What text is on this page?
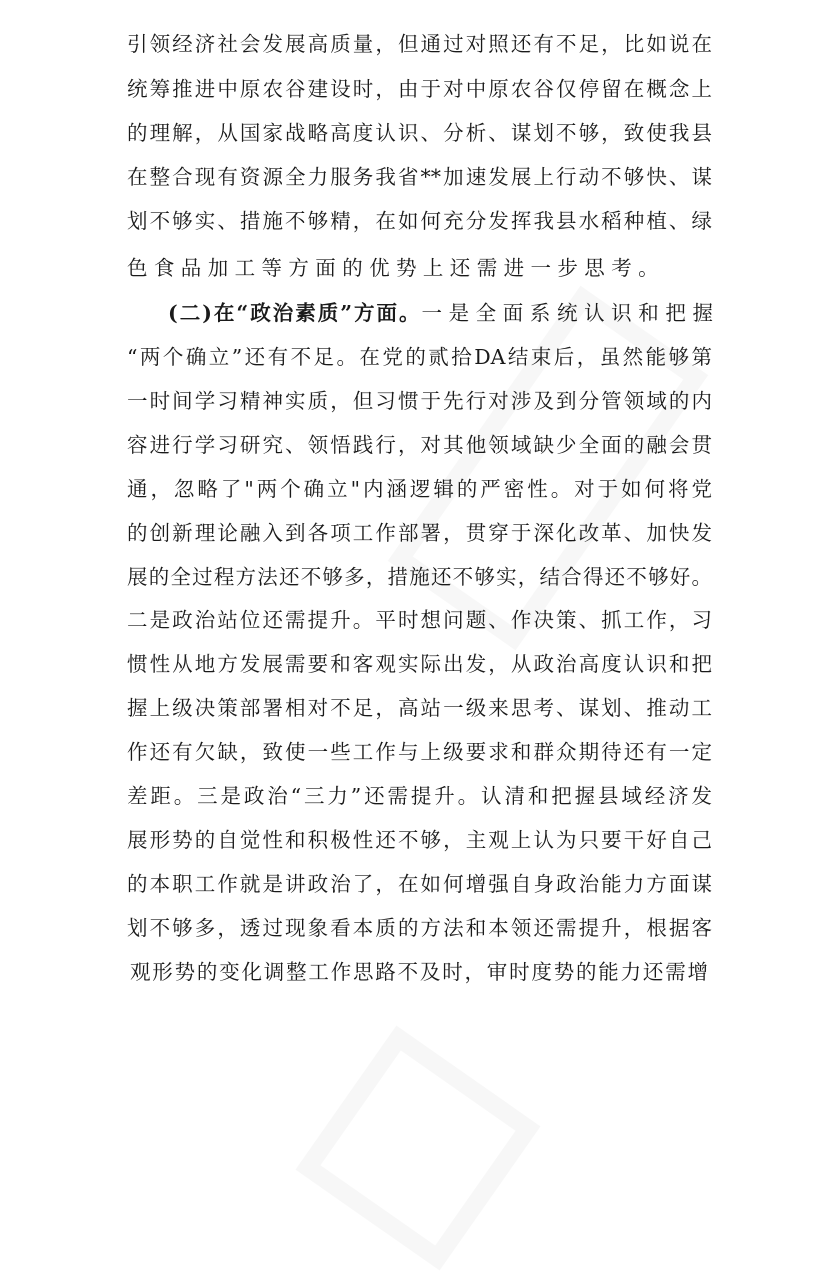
引领经济社会发展高质量，但通过对照还有不足，比如说在
统筹推进中原农谷建设时，由于对中原农谷仅停留在概念上
的理解，从国家战略高度认识、分析、谋划不够，致使我县
在整合现有资源全力服务我省**加速发展上行动不够快、谋
划不够实、措施不够精，在如何充分发挥我县水稻种植、绿
色食品加工等方面的优势上还需进一步思考。
(二)在“政治素质”方面。 一是全面系统认识和把握
“两个确立”还有不足。在党的贰拾DA结束后，虽然能够第
一时间学习精神实质，但习惯于先行对涉及到分管领域的内
容进行学习研究、领悟践行，对其他领域缺少全面的融会贯
通，忽略了"两个确立"内涵逻辑的严密性。对于如何将党
的创新理论融入到各项工作部署，贯穿于深化改革、加快发
展的全过程方法还不够多，措施还不够实，结合得还不够好。
二是政治站位还需提升。平时想问题、作决策、抓工作，习
惯性从地方发展需要和客观实际出发，从政治高度认识和把
握上级决策部署相对不足，高站一级来思考、谋划、推动工
作还有欠缺，致使一些工作与上级要求和群众期待还有一定
差距。三是政治“三力”还需提升。认清和把握县域经济发
展形势的自觉性和积极性还不够，主观上认为只要干好自己
的本职工作就是讲政治了，在如何增强自身政治能力方面谋
划不够多，透过现象看本质的方法和本领还需提升，根据客
观形势的变化调整工作思路不及时，审时度势的能力还需增
